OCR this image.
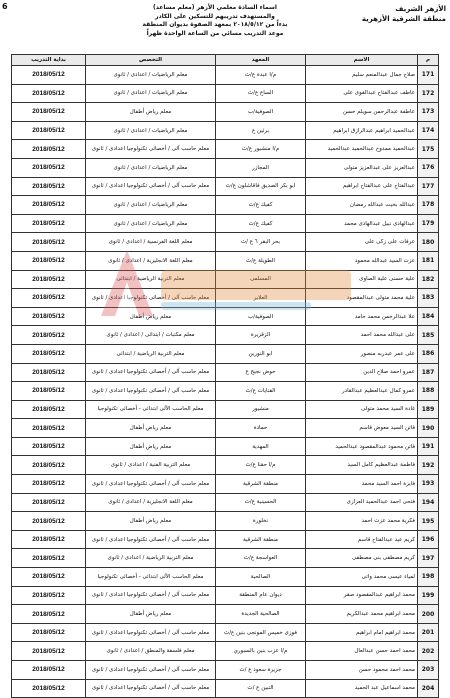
6	اسماء السادة معلمي الأزهر (معلم مساعد)
والمستهدف تدريبهم للتسكين على الكادر
بدءاً من ٢٠١٨/٥/١٢ بمعهد الصفوة بديوان المنطقة
موعد التدريب مسائي من الساعة الواحدة ظهراً
الأزهر الشريف
منطقة الشرقية الأزهرية
م	الاسم	المعهد	التخصص	بداية التدريب
171	صلاح جمال عبدالمنعم سليم	م/ا عبدة ع/ث	معلم الرياضيات / اعدادى / ثانوى	2018/05/12
172	عاطف عبدالفتاح عبدالقوى على	الساع ع/ث	معلم الرياضيات / اعدادى / ثانوى	2018/05/12
173	عاطفة عبدالرحمن سويلم حسن	الصوفية/ب	معلم رياض أطفال	2018/05/12
174	عبدالحميد ابراهيم عبدالرازق ابراهيم	برئين ع	معلم الرياضيات / اعدادى / ثانوى	2018/05/12
175	عبدالحميد ممدوح عبدالحميد عبدالحميد	م/ا منشيور ع/ث	معلم حاسب آلى / أخصائى تكنولوجيا اعدادى / ثانوى	2018/05/12
176	عبدالعزيز على عبدالعزيز متولى	المجازر	معلم الرياضيات / اعدادى / ثانوى	2018/05/12
177	عبدالفتاح على عبدالفتاح ابراهيم	ابو بكر الصديق فاقاشلون ع/ث	معلم حاسب آلى / أخصائى تكنولوجيا اعدادى / ثانوى	2018/05/12
178	عبدالله بخيت عبدالله رمضان	كفيك ع/ث	معلم الرياضيات / اعدادى / ثانوى	2018/05/12
179	عبدالهادى نبيل عبدالهادى محمد	كفيك ع/ث	معلم الرياضيات / اعدادى / ثانوى	2018/05/12
180	عرفات على زكى على	بحر البقر ٦ ع /ث	معلم اللغة الفرنسية / اعدادى / ثانوى	2018/05/12
181	عزت السيد عبدالله محمود	الطويلة ع/ث	معلم اللغة الانجليزية / اعدادى / ثانوى	2018/05/12
182	علية حسنى علية الصاوى	المسلمى	معلم التربية الرياضية / ابتدائى	2018/05/12
183	علية محمد متولى عبدالمقصود	العلاير	معلم حاسب آلى / أخصائى تكنولوجيا اعدادى / ثانوى	2018/05/12
184	علا عبدالرحمن محمد حامد	الصوفية/ب	معلم رياض أطفال	2018/05/12
185	على عبدالله محمد احمد	الزقزيرة	معلم مكتبات / ابتدائى / اعدادى / ثانوى	2018/05/12
186	على عمر عبدربه منصور	ابو النورين	معلم التربية الرياضية / ابتدائى	2018/05/12
187	عمرو احمد صلاح الدين	حوض نجيح ع	معلم حاسب آلى / أخصائى تكنولوجيا اعدادى / ثانوى	2018/05/12
188	عمرو كمال عبدالعظيم عبدالقادر	القنايات ع/ث	معلم حاسب آلى / أخصائى تكنولوجيا اعدادى / ثانوى	2018/05/12
189	غادة السيد محمد متولى	منشيور	معلم الحاسب الآلى ابتدائى - أخصائى تكنولوجيا	2018/05/12
190	فاتن السيد معوض قاسم	حمادة	معلم رياض أطفال	2018/05/12
191	فاتن محمود عبدالمقصود عبدالحميد	المهدية	معلم رياض أطفال	2018/05/12
192	فاطمة عبدالعظيم كامل السيد	م/ا حقنا ع/ث	معلم التربية الفنية / اعدادى / ثانوى	2018/05/12
193	فايزة احمد السيد محمد	منطقة الشرقية	معلم حاسب آلى / أخصائى تكنولوجيا اعدادى / ثانوى	2018/05/12
194	فتحى احمد عبدالحميد العزازى	الحسينية ع/ث	معلم اللغة الانجليزية / اعدادى / ثانوى	2018/05/12
195	فكرية محمد عزت احمد	نخلورة	معلم رياض أطفال	2018/05/12
196	كريم عيد عبدالفتاح قاسم	منطقة الشرقية	معلم حاسب آلى / أخصائى تكنولوجيا اعدادى / ثانوى	2018/05/12
197	كريم مصطفى بنى مصطفى	العواسجة ع/ث	معلم التربية الرياضية / اعدادى / ثانوى	2018/05/12
198	لمياء عيسى محمد واتى	الصالحية	معلم الحاسب الآلى ابتدائى - أخصائى تكنولوجيا	2018/05/12
199	محمد ابراهيم عبدالمقصود صقر	ديوان عام المنطقة	معلم حاسب آلى / أخصائى تكنولوجيا اعدادى / ثانوى	2018/05/12
200	محمد ابراهيم محمد عبدالكريم	الصالحية الجديدة	معلم رياض أطفال	2018/05/12
201	محمد ابراهيم امام ابراهيم	فوزى خميس المونجى بنين ع/ث	معلم حاسب آلى / أخصائى تكنولوجيا اعدادى / ثانوى	2018/05/12
202	محمد احمد حسن عبدالعال	م/ا عزب بنين بالسبوري	معلم فلسفة والمنطق / اعدادى / ثانوى	2018/05/12
203	محمد احمد محمود حسن	جزيرة سعود ع /ث	معلم حاسب آلى / أخصائى تكنولوجيا اعدادى / ثانوى	2018/05/12
204	محمد اسماعيل عبد الحميد	التبين ع /ث	معلم حاسب آلى / أخصائى تكنولوجيا اعدادى / ثانوى	2018/05/12
